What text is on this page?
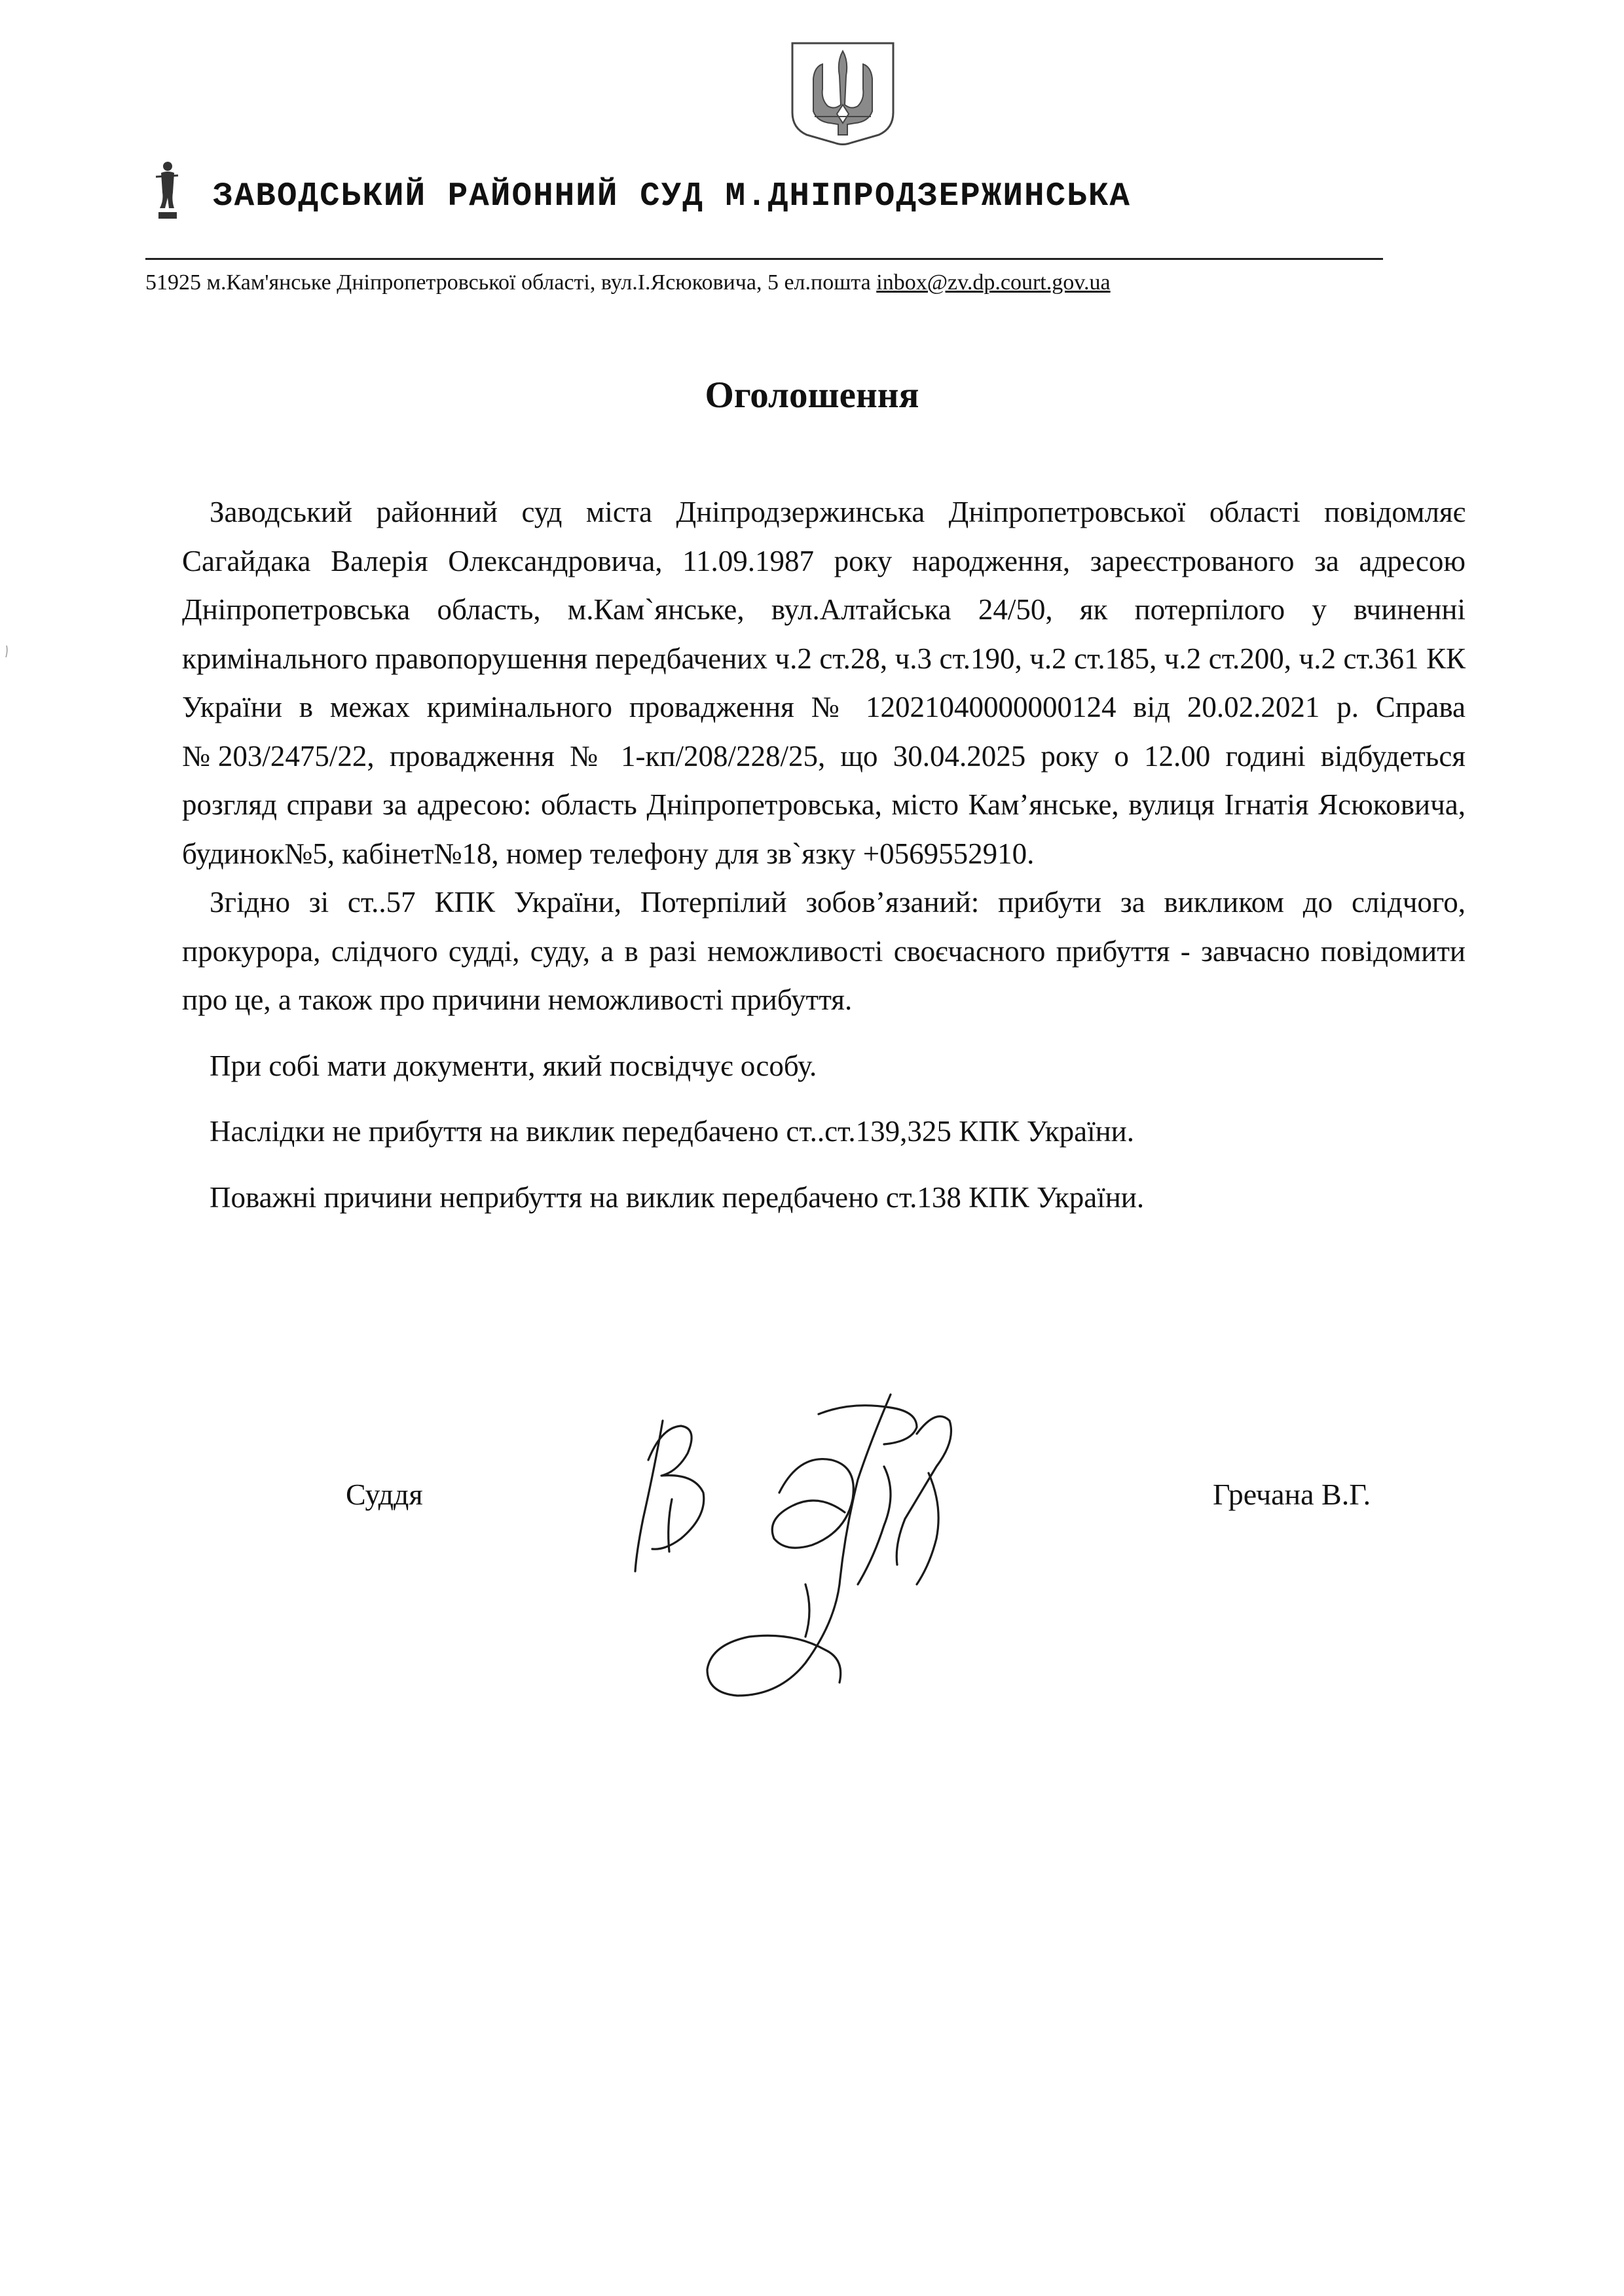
ЗАВОДСЬКИЙ РАЙОННИЙ СУД М.ДНІПРОДЗЕРЖИНСЬКА
51925 м.Кам'янське Дніпропетровської області, вул.І.Ясюковича, 5 ел.пошта inbox@zv.dp.court.gov.ua
Оголошення

Заводський районний суд міста Дніпродзержинська Дніпропетровської області повідомляє Сагайдака Валерія Олександровича, 11.09.1987 року народження, зареєстрованого за адресою Дніпропетровська область, м.Кам`янське, вул.Алтайська 24/50, як потерпілого у вчиненні кримінального правопорушення передбачених ч.2 ст.28, ч.3 ст.190, ч.2 ст.185, ч.2 ст.200, ч.2 ст.361 КК України в межах кримінального провадження № 12021040000000124 від 20.02.2021 р. Справа №203/2475/22, провадження № 1-кп/208/228/25, що 30.04.2025 року о 12.00 годині відбудеться розгляд справи за адресою: область Дніпропетровська, місто Кам’янське, вулиця Ігнатія Ясюковича, будинок№5, кабінет№18, номер телефону для зв`язку +0569552910.

Згідно зі ст..57 КПК України, Потерпілий зобов’язаний: прибути за викликом до слідчого, прокурора, слідчого судді, суду, а в разі неможливості своєчасного прибуття - завчасно повідомити про це, а також про причини неможливості прибуття.

При собі мати документи, який посвідчує особу.

Наслідки не прибуття на виклик передбачено ст..ст.139,325 КПК України.

Поважні причини неприбуття на виклик передбачено ст.138 КПК України.

Суддя	Гречана В.Г.
